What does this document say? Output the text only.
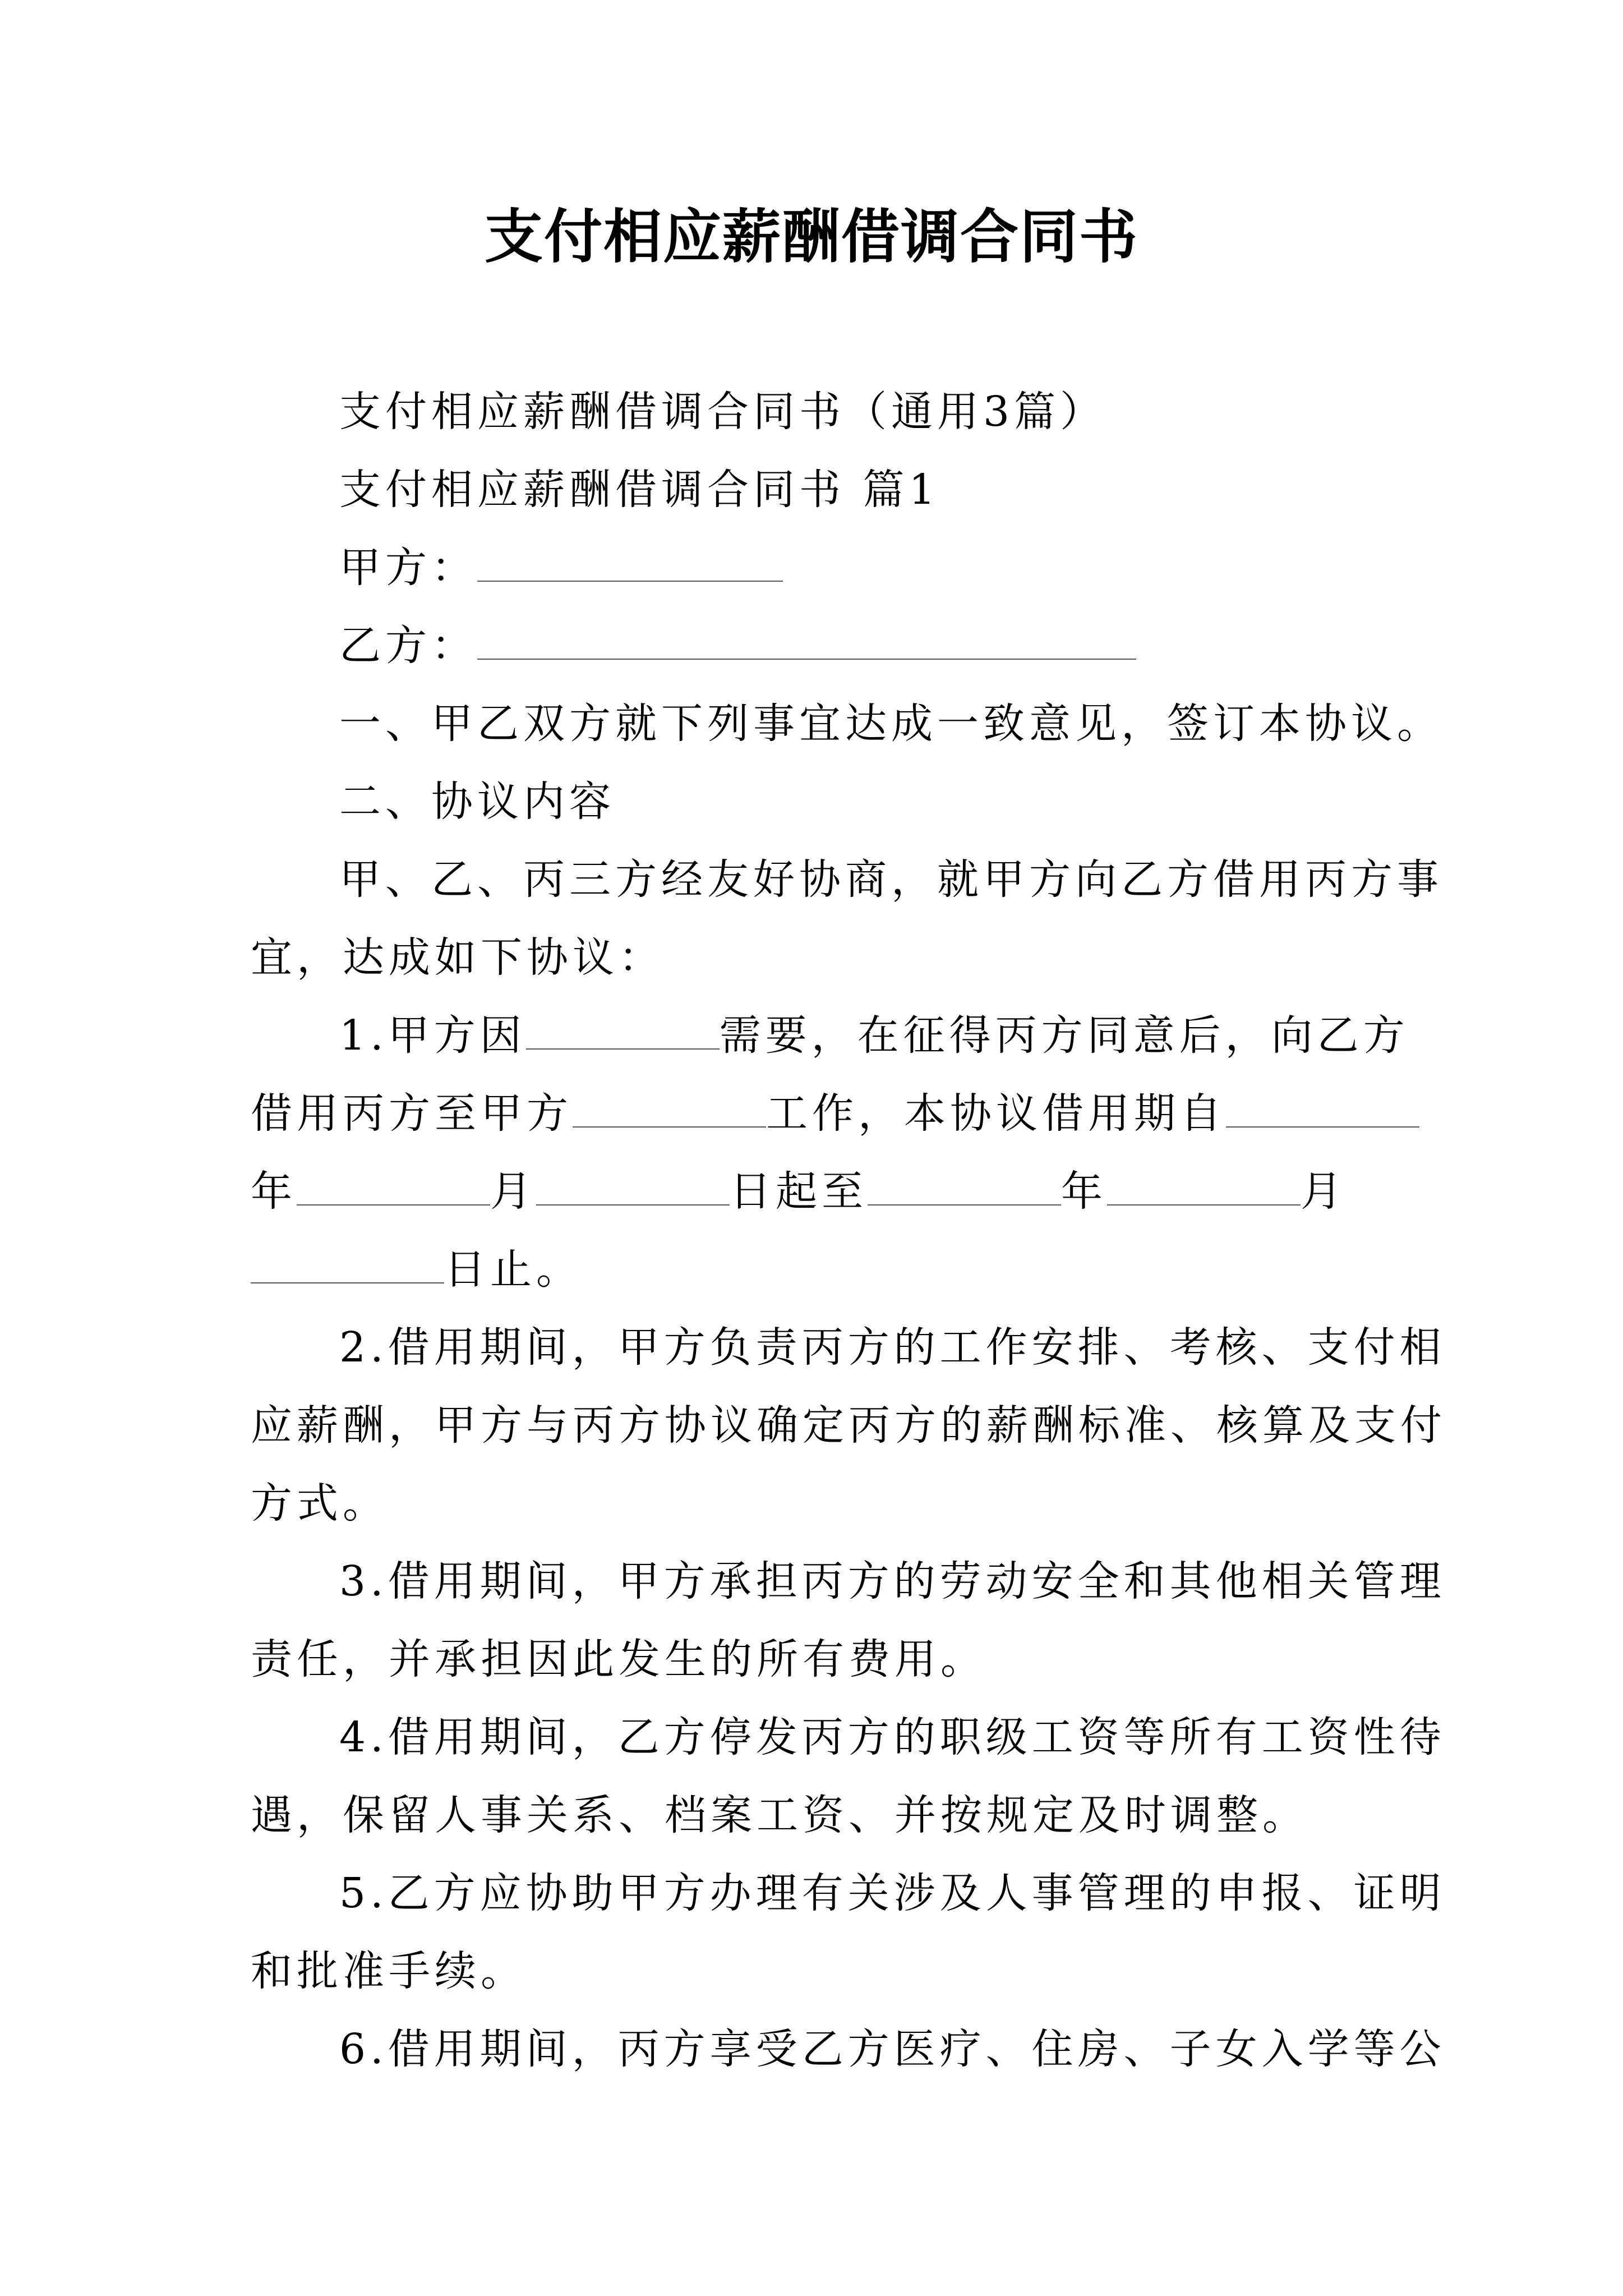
支付相应薪酬借调合同书
支付相应薪酬借调合同书（通用3篇）
支付相应薪酬借调合同书 篇1
甲方：
乙方：
一、甲乙双方就下列事宜达成一致意见，签订本协议。
二、协议内容
甲、乙、丙三方经友好协商，就甲方向乙方借用丙方事
宜，达成如下协议：
1.甲方因	需要，在征得丙方同意后，向乙方
借用丙方至甲方	工作，本协议借用期自
年	月	日起至	年	月
日止。
2.借用期间，甲方负责丙方的工作安排、考核、支付相
应薪酬，甲方与丙方协议确定丙方的薪酬标准、核算及支付
方式。
3.借用期间，甲方承担丙方的劳动安全和其他相关管理
责任，并承担因此发生的所有费用。
4.借用期间，乙方停发丙方的职级工资等所有工资性待
遇，保留人事关系、档案工资、并按规定及时调整。
5.乙方应协助甲方办理有关涉及人事管理的申报、证明
和批准手续。
6.借用期间，丙方享受乙方医疗、住房、子女入学等公
